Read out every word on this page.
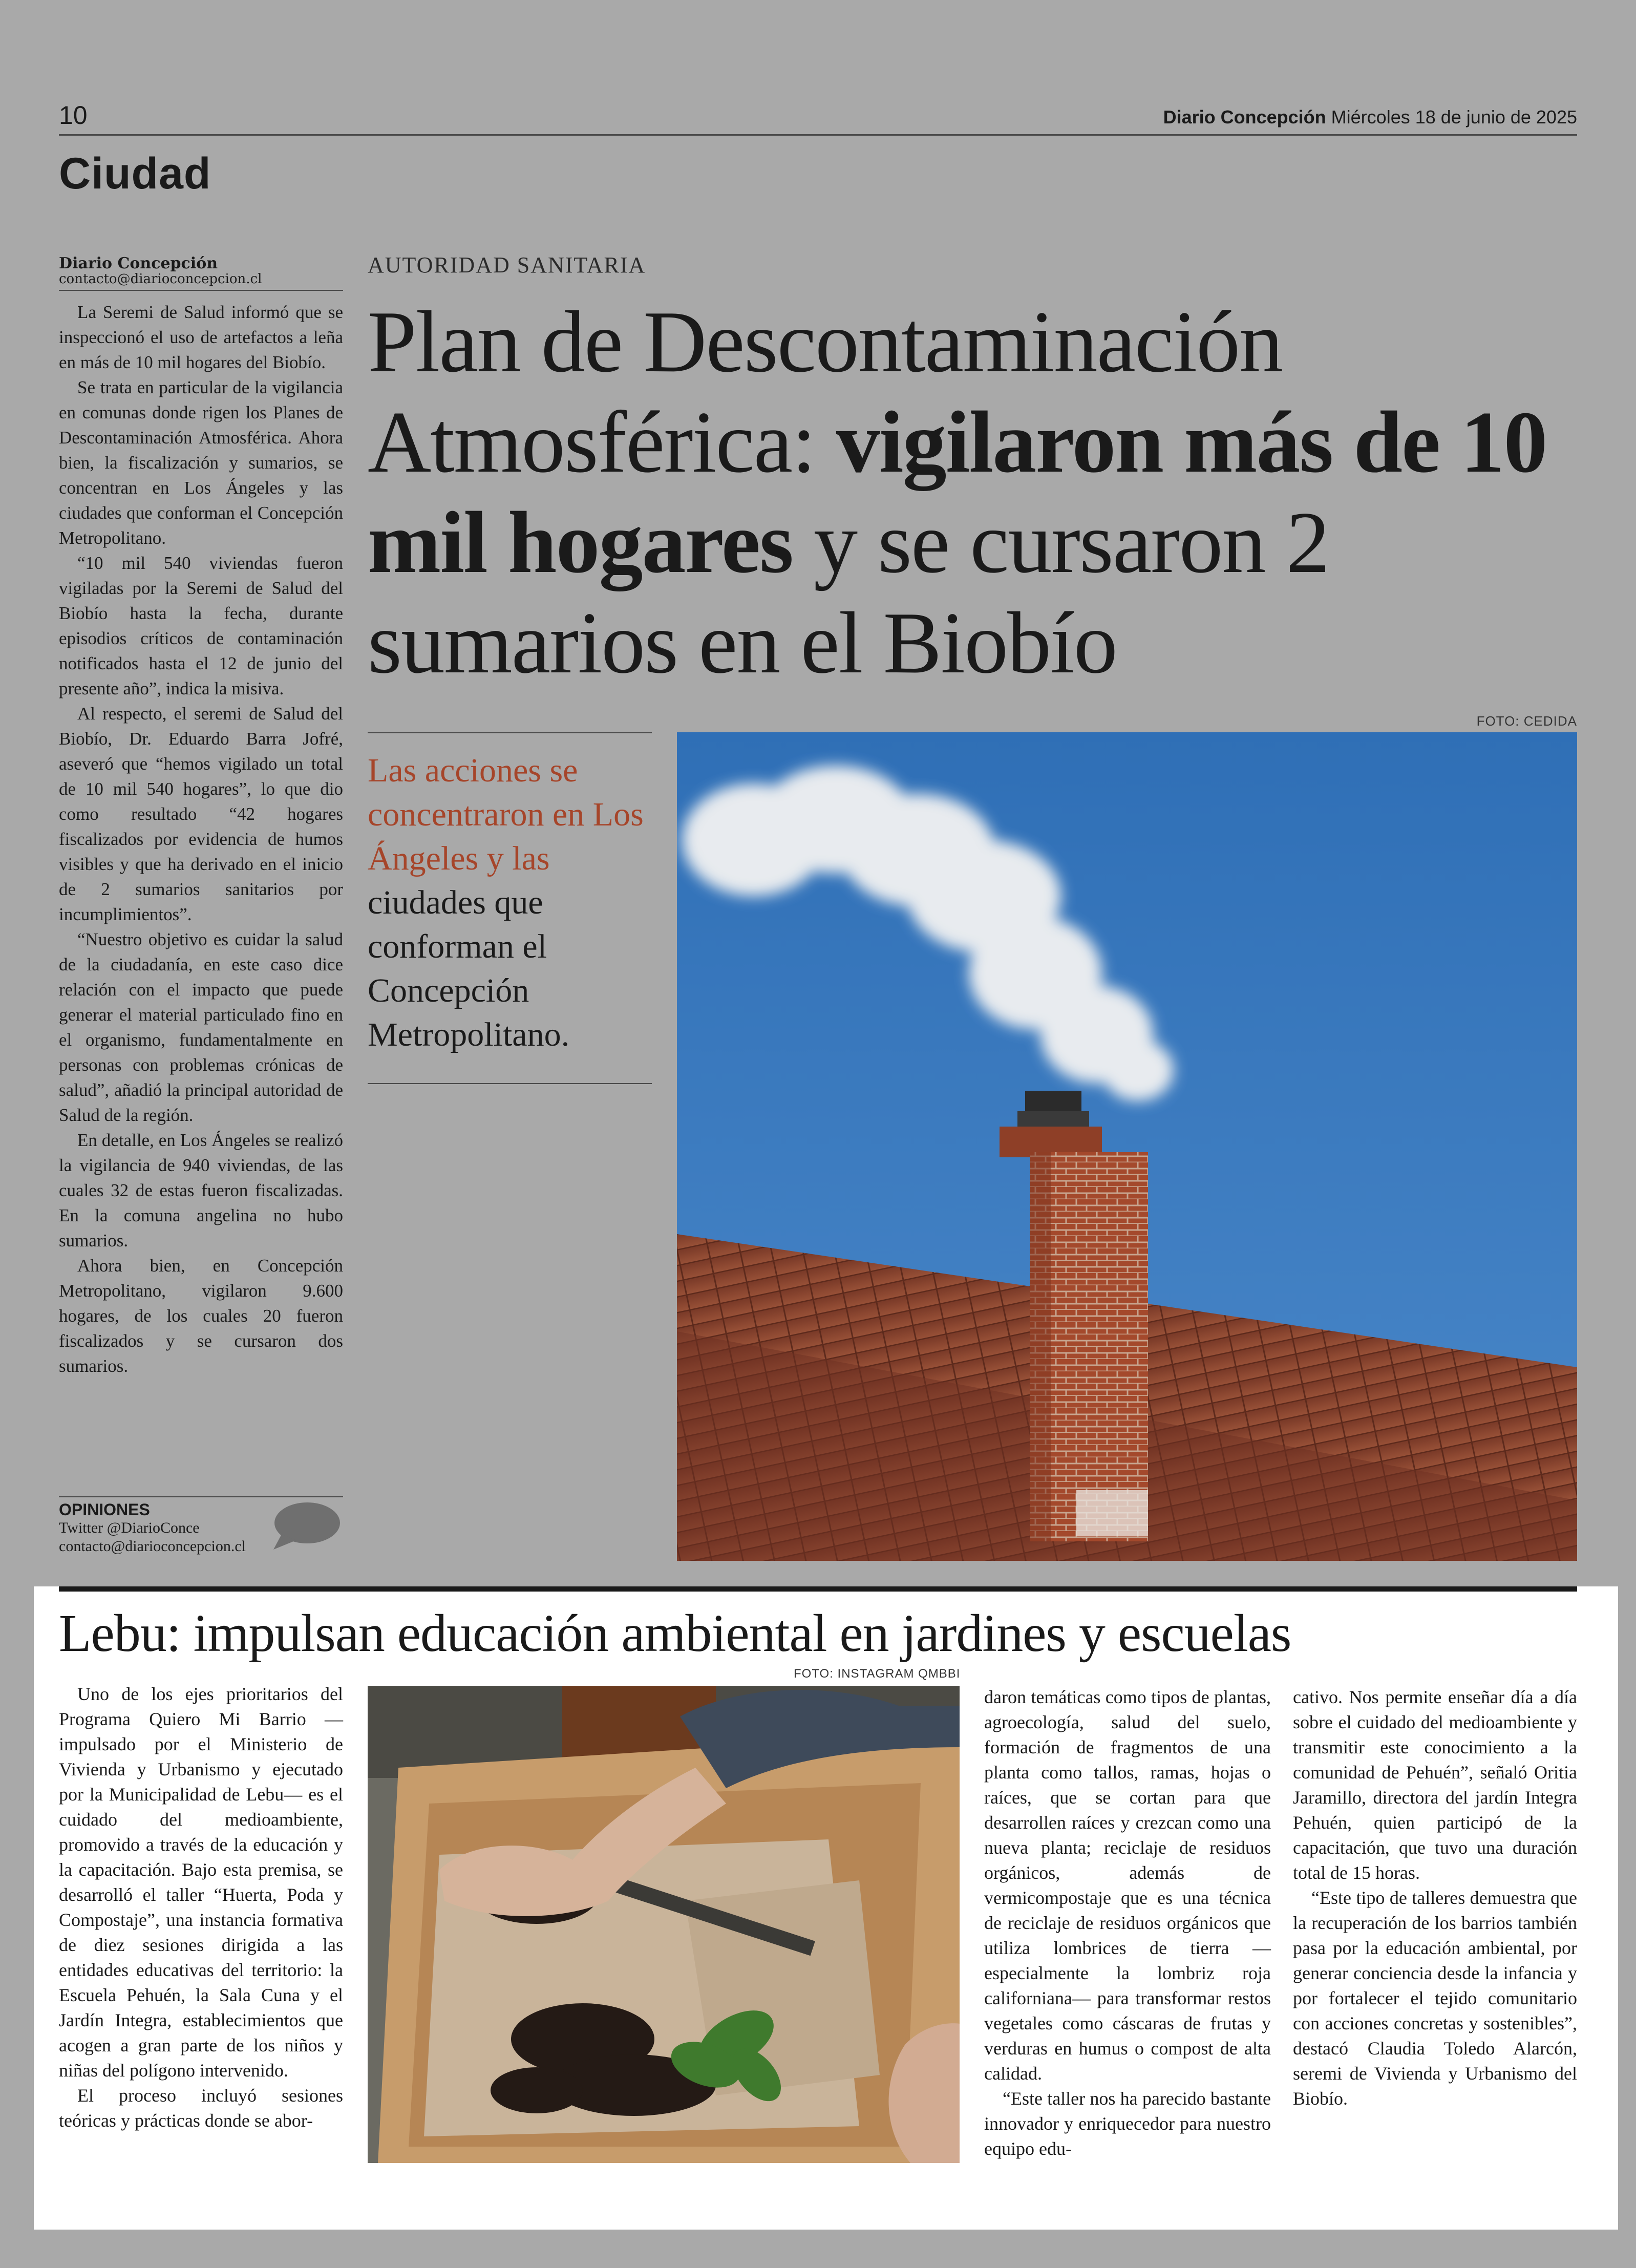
10	Diario Concepción Miércoles 18 de junio de 2025
Ciudad
Diario Concepción
contacto@diarioconcepcion.cl

La Seremi de Salud informó que se inspeccionó el uso de artefactos a leña en más de 10 mil hogares del Biobío.

Se trata en particular de la vigilancia en comunas donde rigen los Planes de Descontaminación Atmosférica. Ahora bien, la fiscalización y sumarios, se concentran en Los Ángeles y las ciudades que conforman el Concepción Metropolitano.

“10 mil 540 viviendas fueron vigiladas por la Seremi de Salud del Biobío hasta la fecha, durante episodios críticos de contaminación notificados hasta el 12 de junio del presente año”, indica la misiva.

Al respecto, el seremi de Salud del Biobío, Dr. Eduardo Barra Jofré, aseveró que “hemos vigilado un total de 10 mil 540 hogares”, lo que dio como resultado “42 hogares fiscalizados por evidencia de humos visibles y que ha derivado en el inicio de 2 sumarios sanitarios por incumplimientos”.

“Nuestro objetivo es cuidar la salud de la ciudadanía, en este caso dice relación con el impacto que puede generar el material particulado fino en el organismo, fundamentalmente en personas con problemas crónicas de salud”, añadió la principal autoridad de Salud de la región.

En detalle, en Los Ángeles se realizó la vigilancia de 940 viviendas, de las cuales 32 de estas fueron fiscalizadas. En la comuna angelina no hubo sumarios.

Ahora bien, en Concepción Metropolitano, vigilaron 9.600 hogares, de los cuales 20 fueron fiscalizados y se cursaron dos sumarios.

OPINIONES
Twitter @DiarioConce
contacto@diarioconcepcion.cl
AUTORIDAD SANITARIA
Plan de Descontaminación Atmosférica: vigilaron más de 10 mil hogares y se cursaron 2 sumarios en el Biobío
FOTO: CEDIDA
Las acciones se concentraron en Los Ángeles y las ciudades que conforman el Concepción Metropolitano.
Lebu: impulsan educación ambiental en jardines y escuelas
FOTO: INSTAGRAM QMBBI

Uno de los ejes prioritarios del Programa Quiero Mi Barrio —impulsado por el Ministerio de Vivienda y Urbanismo y ejecutado por la Municipalidad de Lebu— es el cuidado del medioambiente, promovido a través de la educación y la capacitación. Bajo esta premisa, se desarrolló el taller “Huerta, Poda y Compostaje”, una instancia formativa de diez sesiones dirigida a las entidades educativas del territorio: la Escuela Pehuén, la Sala Cuna y el Jardín Integra, establecimientos que acogen a gran parte de los niños y niñas del polígono intervenido.

El proceso incluyó sesiones teóricas y prácticas donde se abor-

daron temáticas como tipos de plantas, agroecología, salud del suelo, formación de fragmentos de una planta como tallos, ramas, hojas o raíces, que se cortan para que desarrollen raíces y crezcan como una nueva planta; reciclaje de residuos orgánicos, además de vermicompostaje que es una técnica de reciclaje de residuos orgánicos que utiliza lombrices de tierra —especialmente la lombriz roja californiana— para transformar restos vegetales como cáscaras de frutas y verduras en humus o compost de alta calidad.

“Este taller nos ha parecido bastante innovador y enriquecedor para nuestro equipo edu-

cativo. Nos permite enseñar día a día sobre el cuidado del medioambiente y transmitir este conocimiento a la comunidad de Pehuén”, señaló Oritia Jaramillo, directora del jardín Integra Pehuén, quien participó de la capacitación, que tuvo una duración total de 15 horas.

“Este tipo de talleres demuestra que la recuperación de los barrios también pasa por la educación ambiental, por generar conciencia desde la infancia y por fortalecer el tejido comunitario con acciones concretas y sostenibles”, destacó Claudia Toledo Alarcón, seremi de Vivienda y Urbanismo del Biobío.
